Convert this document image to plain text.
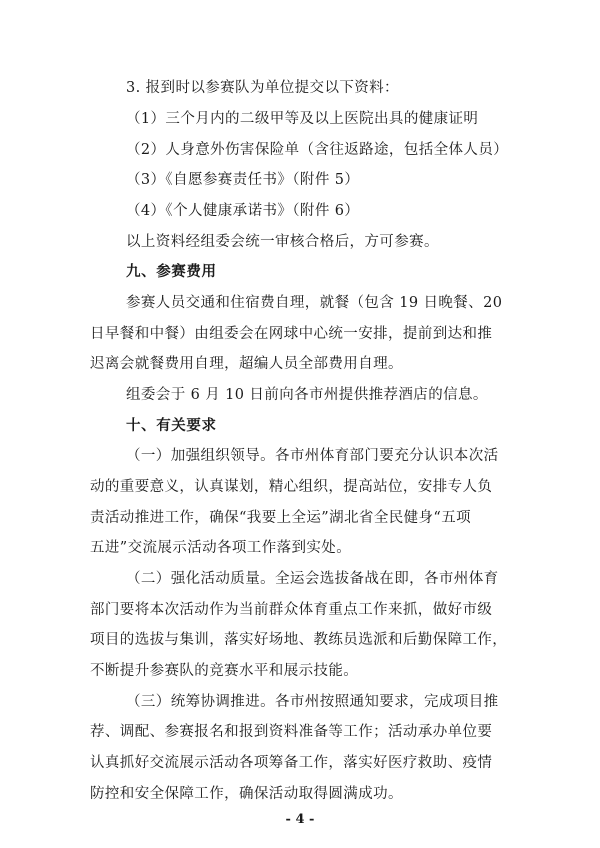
3. 报到时以参赛队为单位提交以下资料：
（1）三个月内的二级甲等及以上医院出具的健康证明
（2）人身意外伤害保险单（含往返路途，包括全体人员）
（3）《自愿参赛责任书》（附件 5）
（4）《个人健康承诺书》（附件 6）
以上资料经组委会统一审核合格后，方可参赛。
九、参赛费用
参赛人员交通和住宿费自理，就餐（包含 19 日晚餐、20
日早餐和中餐）由组委会在网球中心统一安排，提前到达和推
迟离会就餐费用自理，超编人员全部费用自理。
组委会于 6 月 10 日前向各市州提供推荐酒店的信息。
十、有关要求
（一）加强组织领导。各市州体育部门要充分认识本次活
动的重要意义，认真谋划，精心组织，提高站位，安排专人负
责活动推进工作，确保“我要上全运”湖北省全民健身“五项
五进”交流展示活动各项工作落到实处。
（二）强化活动质量。全运会选拔备战在即，各市州体育
部门要将本次活动作为当前群众体育重点工作来抓，做好市级
项目的选拔与集训，落实好场地、教练员选派和后勤保障工作，
不断提升参赛队的竞赛水平和展示技能。
（三）统筹协调推进。各市州按照通知要求，完成项目推
荐、调配、参赛报名和报到资料准备等工作；活动承办单位要
认真抓好交流展示活动各项筹备工作，落实好医疗救助、疫情
防控和安全保障工作，确保活动取得圆满成功。
- 4 -
